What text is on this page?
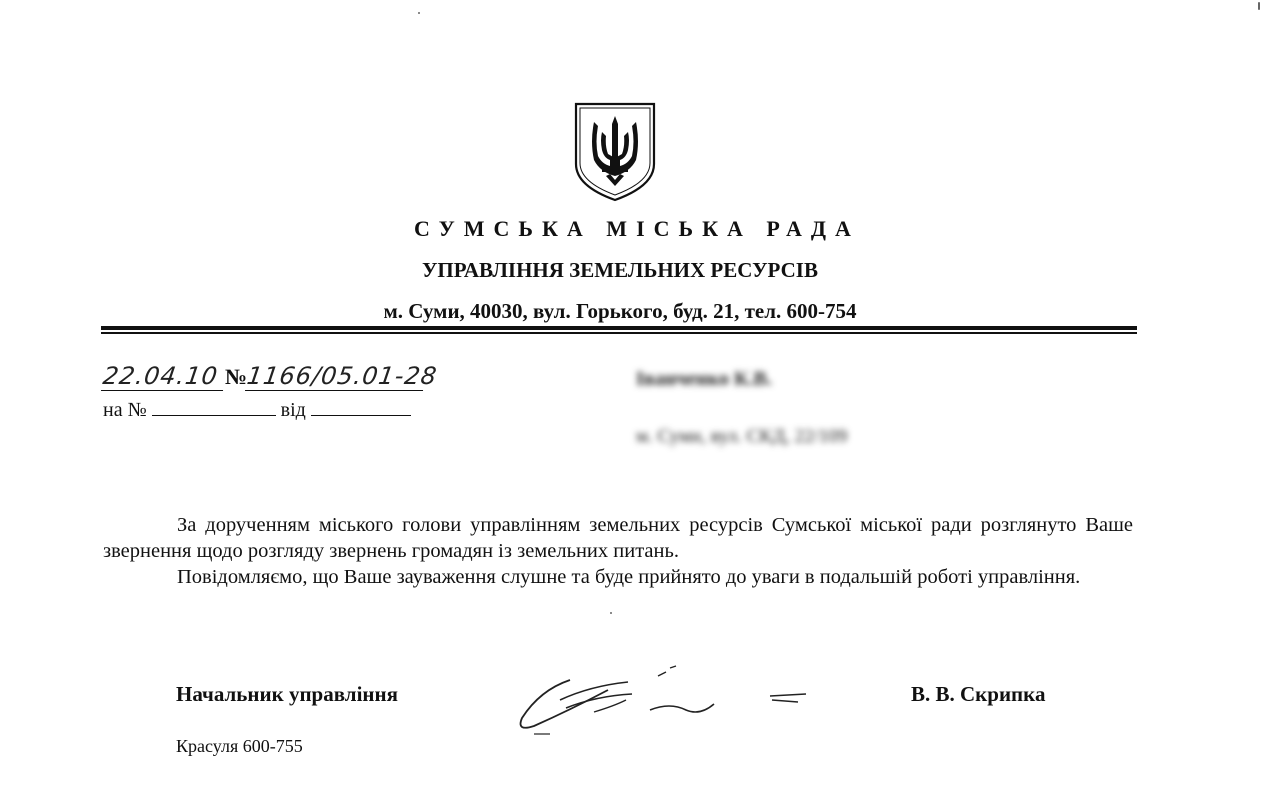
СУМСЬКА МІСЬКА РАДА
УПРАВЛІННЯ ЗЕМЕЛЬНИХ РЕСУРСІВ
м. Суми, 40030, вул. Горького, буд. 21, тел. 600-754
22.04.10 №1166/05.01-28
на №	від
Іванченко К.В.
м. Суми, вул. СКД, 22/109

За дорученням міського голови управлінням земельних ресурсів Сумської міської ради розглянуто Ваше звернення щодо розгляду звернень громадян із земельних питань.

Повідомляємо, що Ваше зауваження слушне та буде прийнято до уваги в подальшій роботі управління.

Начальник управління	В. В. Скрипка
Красуля 600-755
